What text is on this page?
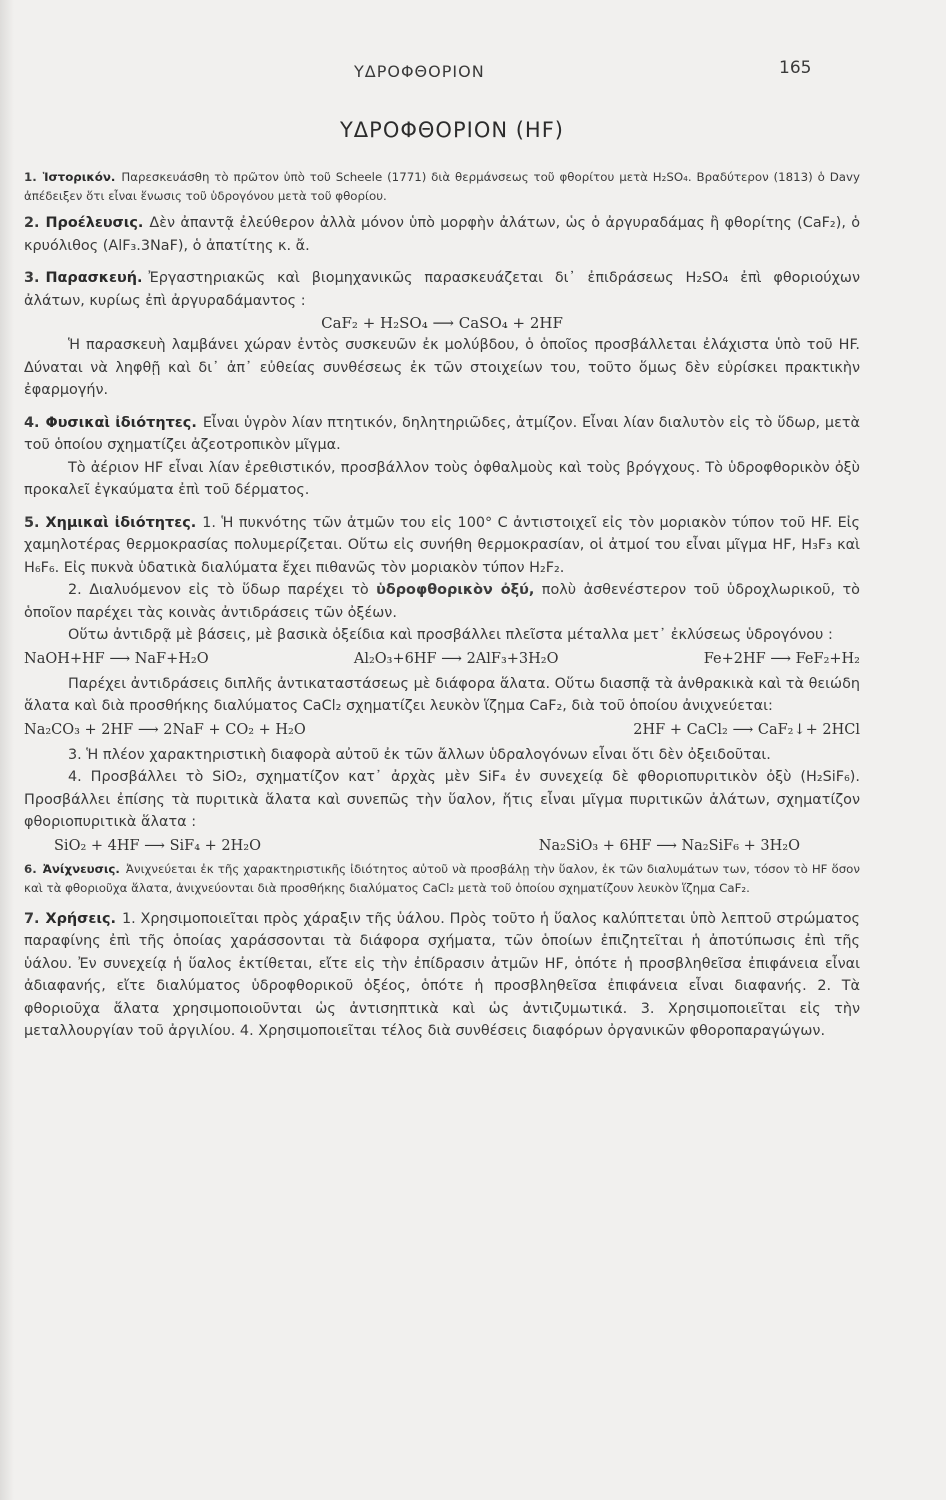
ΥΔΡΟΦΘΟΡΙΟΝ	165
ΥΔΡΟΦΘΟΡΙΟΝ (HF)

1. Ἱστορικόν. Παρεσκευάσθη τὸ πρῶτον ὑπὸ τοῦ Scheele (1771) διὰ θερμάνσεως τοῦ φθορίτου μετὰ H₂SO₄. Βραδύτερον (1813) ὁ Davy ἀπέδειξεν ὅτι εἶναι ἕνωσις τοῦ ὑδρογόνου μετὰ τοῦ φθορίου.

2. Προέλευσις. Δὲν ἀπαντᾷ ἐλεύθερον ἀλλὰ μόνον ὑπὸ μορφὴν ἀλάτων, ὡς ὁ ἀργυραδάμας ἢ φθορίτης (CaF₂), ὁ κρυόλιθος (AlF₃.3NaF), ὁ ἀπατίτης κ. ἄ.

3. Παρασκευή. Ἐργαστηριακῶς καὶ βιομηχανικῶς παρασκευάζεται δι᾽ ἐπιδράσεως H₂SO₄ ἐπὶ φθοριούχων ἀλάτων, κυρίως ἐπὶ ἀργυραδάμαντος :

CaF₂ + H₂SO₄ ⟶ CaSO₄ + 2HF

Ἡ παρασκευὴ λαμβάνει χώραν ἐντὸς συσκευῶν ἐκ μολύβδου, ὁ ὁποῖος προσβάλλεται ἐλάχιστα ὑπὸ τοῦ HF. Δύναται νὰ ληφθῇ καὶ δι᾽ ἀπ᾽ εὐθείας συνθέσεως ἐκ τῶν στοιχείων του, τοῦτο ὅμως δὲν εὑρίσκει πρακτικὴν ἐφαρμογήν.

4. Φυσικαὶ ἰδιότητες. Εἶναι ὑγρὸν λίαν πτητικόν, δηλητηριῶδες, ἀτμίζον. Εἶναι λίαν διαλυτὸν εἰς τὸ ὕδωρ, μετὰ τοῦ ὁποίου σχηματίζει ἀζεοτροπικὸν μῖγμα.

Τὸ ἀέριον HF εἶναι λίαν ἐρεθιστικόν, προσβάλλον τοὺς ὀφθαλμοὺς καὶ τοὺς βρόγχους. Τὸ ὑδροφθορικὸν ὀξὺ προκαλεῖ ἐγκαύματα ἐπὶ τοῦ δέρματος.

5. Χημικαὶ ἰδιότητες. 1. Ἡ πυκνότης τῶν ἀτμῶν του εἰς 100° C ἀντιστοιχεῖ εἰς τὸν μοριακὸν τύπον τοῦ HF. Εἰς χαμηλοτέρας θερμοκρασίας πολυμερίζεται. Οὕτω εἰς συνήθη θερμοκρασίαν, οἱ ἀτμοί του εἶναι μῖγμα HF, H₃F₃ καὶ H₆F₆. Εἰς πυκνὰ ὑδατικὰ διαλύματα ἔχει πιθανῶς τὸν μοριακὸν τύπον H₂F₂.

2. Διαλυόμενον εἰς τὸ ὕδωρ παρέχει τὸ ὑδροφθορικὸν ὀξύ, πολὺ ἀσθενέστερον τοῦ ὑδροχλωρικοῦ, τὸ ὁποῖον παρέχει τὰς κοινὰς ἀντιδράσεις τῶν ὀξέων.

Οὕτω ἀντιδρᾷ μὲ βάσεις, μὲ βασικὰ ὀξείδια καὶ προσβάλλει πλεῖστα μέταλλα μετ᾽ ἐκλύσεως ὑδρογόνου :

NaOH+HF ⟶ NaF+H₂O	Al₂O₃+6HF ⟶ 2AlF₃+3H₂O	Fe+2HF ⟶ FeF₂+H₂

Παρέχει ἀντιδράσεις διπλῆς ἀντικαταστάσεως μὲ διάφορα ἅλατα. Οὕτω διασπᾷ τὰ ἀνθρακικὰ καὶ τὰ θειώδη ἅλατα καὶ διὰ προσθήκης διαλύματος CaCl₂ σχηματίζει λευκὸν ἵζημα CaF₂, διὰ τοῦ ὁποίου ἀνιχνεύεται:

Na₂CO₃ + 2HF ⟶ 2NaF + CO₂ + H₂O	2HF + CaCl₂ ⟶ CaF₂↓+ 2HCl

3. Ἡ πλέον χαρακτηριστικὴ διαφορὰ αὐτοῦ ἐκ τῶν ἄλλων ὑδραλογόνων εἶναι ὅτι δὲν ὀξειδοῦται.

4. Προσβάλλει τὸ SiO₂, σχηματίζον κατ᾽ ἀρχὰς μὲν SiF₄ ἐν συνεχείᾳ δὲ φθοριοπυριτικὸν ὀξὺ (H₂SiF₆). Προσβάλλει ἐπίσης τὰ πυριτικὰ ἅλατα καὶ συνεπῶς τὴν ὕαλον, ἥτις εἶναι μῖγμα πυριτικῶν ἀλάτων, σχηματίζον φθοριοπυριτικὰ ἅλατα :

SiO₂ + 4HF ⟶ SiF₄ + 2H₂O	Na₂SiO₃ + 6HF ⟶ Na₂SiF₆ + 3H₂O

6. Ἀνίχνευσις. Ἀνιχνεύεται ἐκ τῆς χαρακτηριστικῆς ἰδιότητος αὐτοῦ νὰ προσβάλῃ τὴν ὕαλον, ἐκ τῶν διαλυμάτων των, τόσον τὸ HF ὅσον καὶ τὰ φθοριοῦχα ἅλατα, ἀνιχνεύονται διὰ προσθήκης διαλύματος CaCl₂ μετὰ τοῦ ὁποίου σχηματίζουν λευκὸν ἵζημα CaF₂.

7. Χρήσεις. 1. Χρησιμοποιεῖται πρὸς χάραξιν τῆς ὑάλου. Πρὸς τοῦτο ἡ ὕαλος καλύπτεται ὑπὸ λεπτοῦ στρώματος παραφίνης ἐπὶ τῆς ὁποίας χαράσσονται τὰ διάφορα σχήματα, τῶν ὁποίων ἐπιζητεῖται ἡ ἀποτύπωσις ἐπὶ τῆς ὑάλου. Ἐν συνεχείᾳ ἡ ὕαλος ἐκτίθεται, εἴτε εἰς τὴν ἐπίδρασιν ἀτμῶν HF, ὁπότε ἡ προσβληθεῖσα ἐπιφάνεια εἶναι ἀδιαφανής, εἴτε διαλύματος ὑδροφθορικοῦ ὀξέος, ὁπότε ἡ προσβληθεῖσα ἐπιφάνεια εἶναι διαφανής. 2. Τὰ φθοριοῦχα ἅλατα χρησιμοποιοῦνται ὡς ἀντισηπτικὰ καὶ ὡς ἀντιζυμωτικά. 3. Χρησιμοποιεῖται εἰς τὴν μεταλλουργίαν τοῦ ἀργιλίου. 4. Χρησιμοποιεῖται τέλος διὰ συνθέσεις διαφόρων ὀργανικῶν φθοροπαραγώγων.
